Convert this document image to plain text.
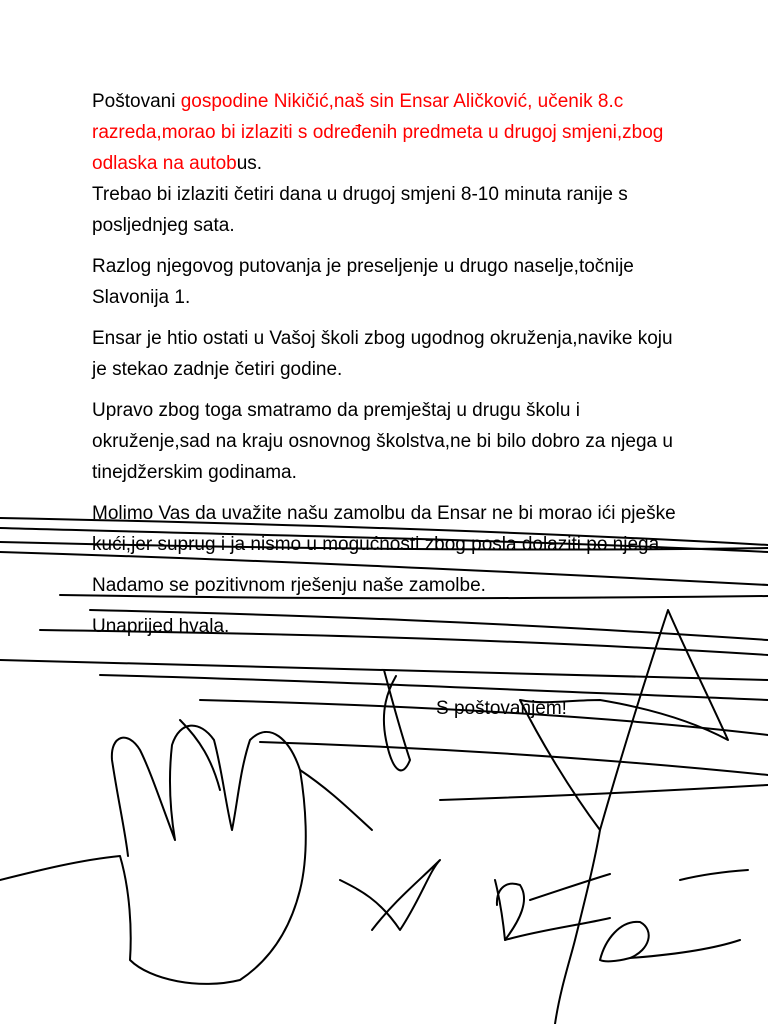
Poštovani gospodine Nikičić,naš sin Ensar Aličković, učenik 8.c razreda,morao bi izlaziti s određenih predmeta u drugoj smjeni,zbog odlaska na autobus.

Trebao bi izlaziti četiri dana u drugoj smjeni 8-10 minuta ranije s posljednjeg sata.

Razlog njegovog putovanja je preseljenje u drugo naselje,točnije Slavonija 1.

Ensar je htio ostati u Vašoj školi zbog ugodnog okruženja,navike koju je stekao zadnje četiri godine.

Upravo zbog toga smatramo da premještaj u drugu školu i okruženje,sad na kraju osnovnog školstva,ne bi bilo dobro za njega u tinejdžerskim godinama.

Molimo Vas da uvažite našu zamolbu da Ensar ne bi morao ići pješke kući,jer suprug i ja nismo u mogućnosti zbog posla dolaziti po njega.

Nadamo se pozitivnom rješenju naše zamolbe.

Unaprijed hvala.

S poštovanjem!
